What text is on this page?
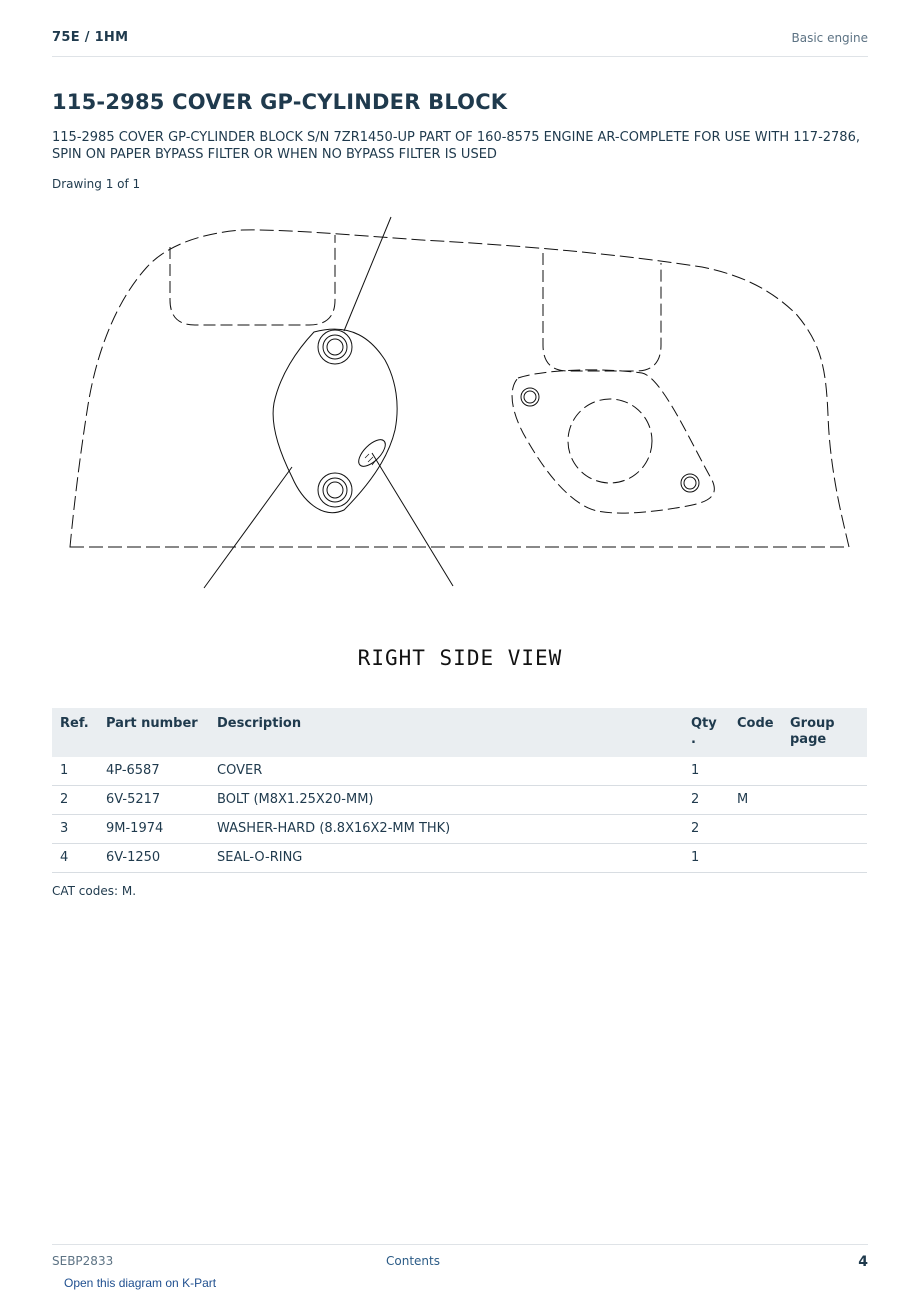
75E / 1HM	Basic engine
115-2985 COVER GP-CYLINDER BLOCK

115-2985 COVER GP-CYLINDER BLOCK S/N 7ZR1450-UP PART OF 160-8575 ENGINE AR-COMPLETE FOR USE WITH 117-2786, SPIN ON PAPER BYPASS FILTER OR WHEN NO BYPASS FILTER IS USED

Drawing 1 of 1
RIGHT SIDE VIEW
Ref.	Part number	Description	Qty .	Code	Group page
1	4P-6587	COVER	1		
2	6V-5217	BOLT (M8X1.25X20-MM)	2	M	
3	9M-1974	WASHER-HARD (8.8X16X2-MM THK)	2		
4	6V-1250	SEAL-O-RING	1		
CAT codes: M.
SEBP2833	Contents	4
Open this diagram on K-Part
